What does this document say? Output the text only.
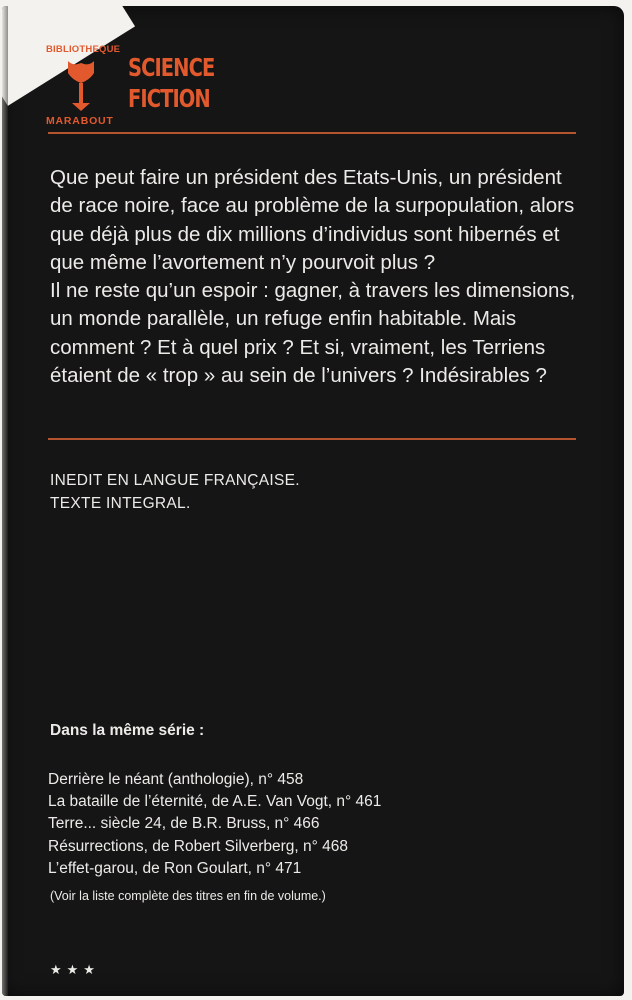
BIBLIOTHEQUE
MARABOUT
SCIENCE
FICTION

Que peut faire un président des Etats-Unis, un président de race noire, face au problème de la surpopulation, alors que déjà plus de dix millions d’individus sont hibernés et que même l’avortement n’y pourvoit plus ?

Il ne reste qu’un espoir : gagner, à travers les dimensions, un monde parallèle, un refuge enfin habitable. Mais comment ? Et à quel prix ? Et si, vraiment, les Terriens étaient de « trop » au sein de l’univers ? Indésirables ?

INEDIT EN LANGUE FRANÇAISE.
TEXTE INTEGRAL.
Dans la même série :
Derrière le néant (anthologie), n° 458
La bataille de l’éternité, de A.E. Van Vogt, n° 461
Terre... siècle 24, de B.R. Bruss, n° 466
Résurrections, de Robert Silverberg, n° 468
L’effet-garou, de Ron Goulart, n° 471
(Voir la liste complète des titres en fin de volume.)
★★★
